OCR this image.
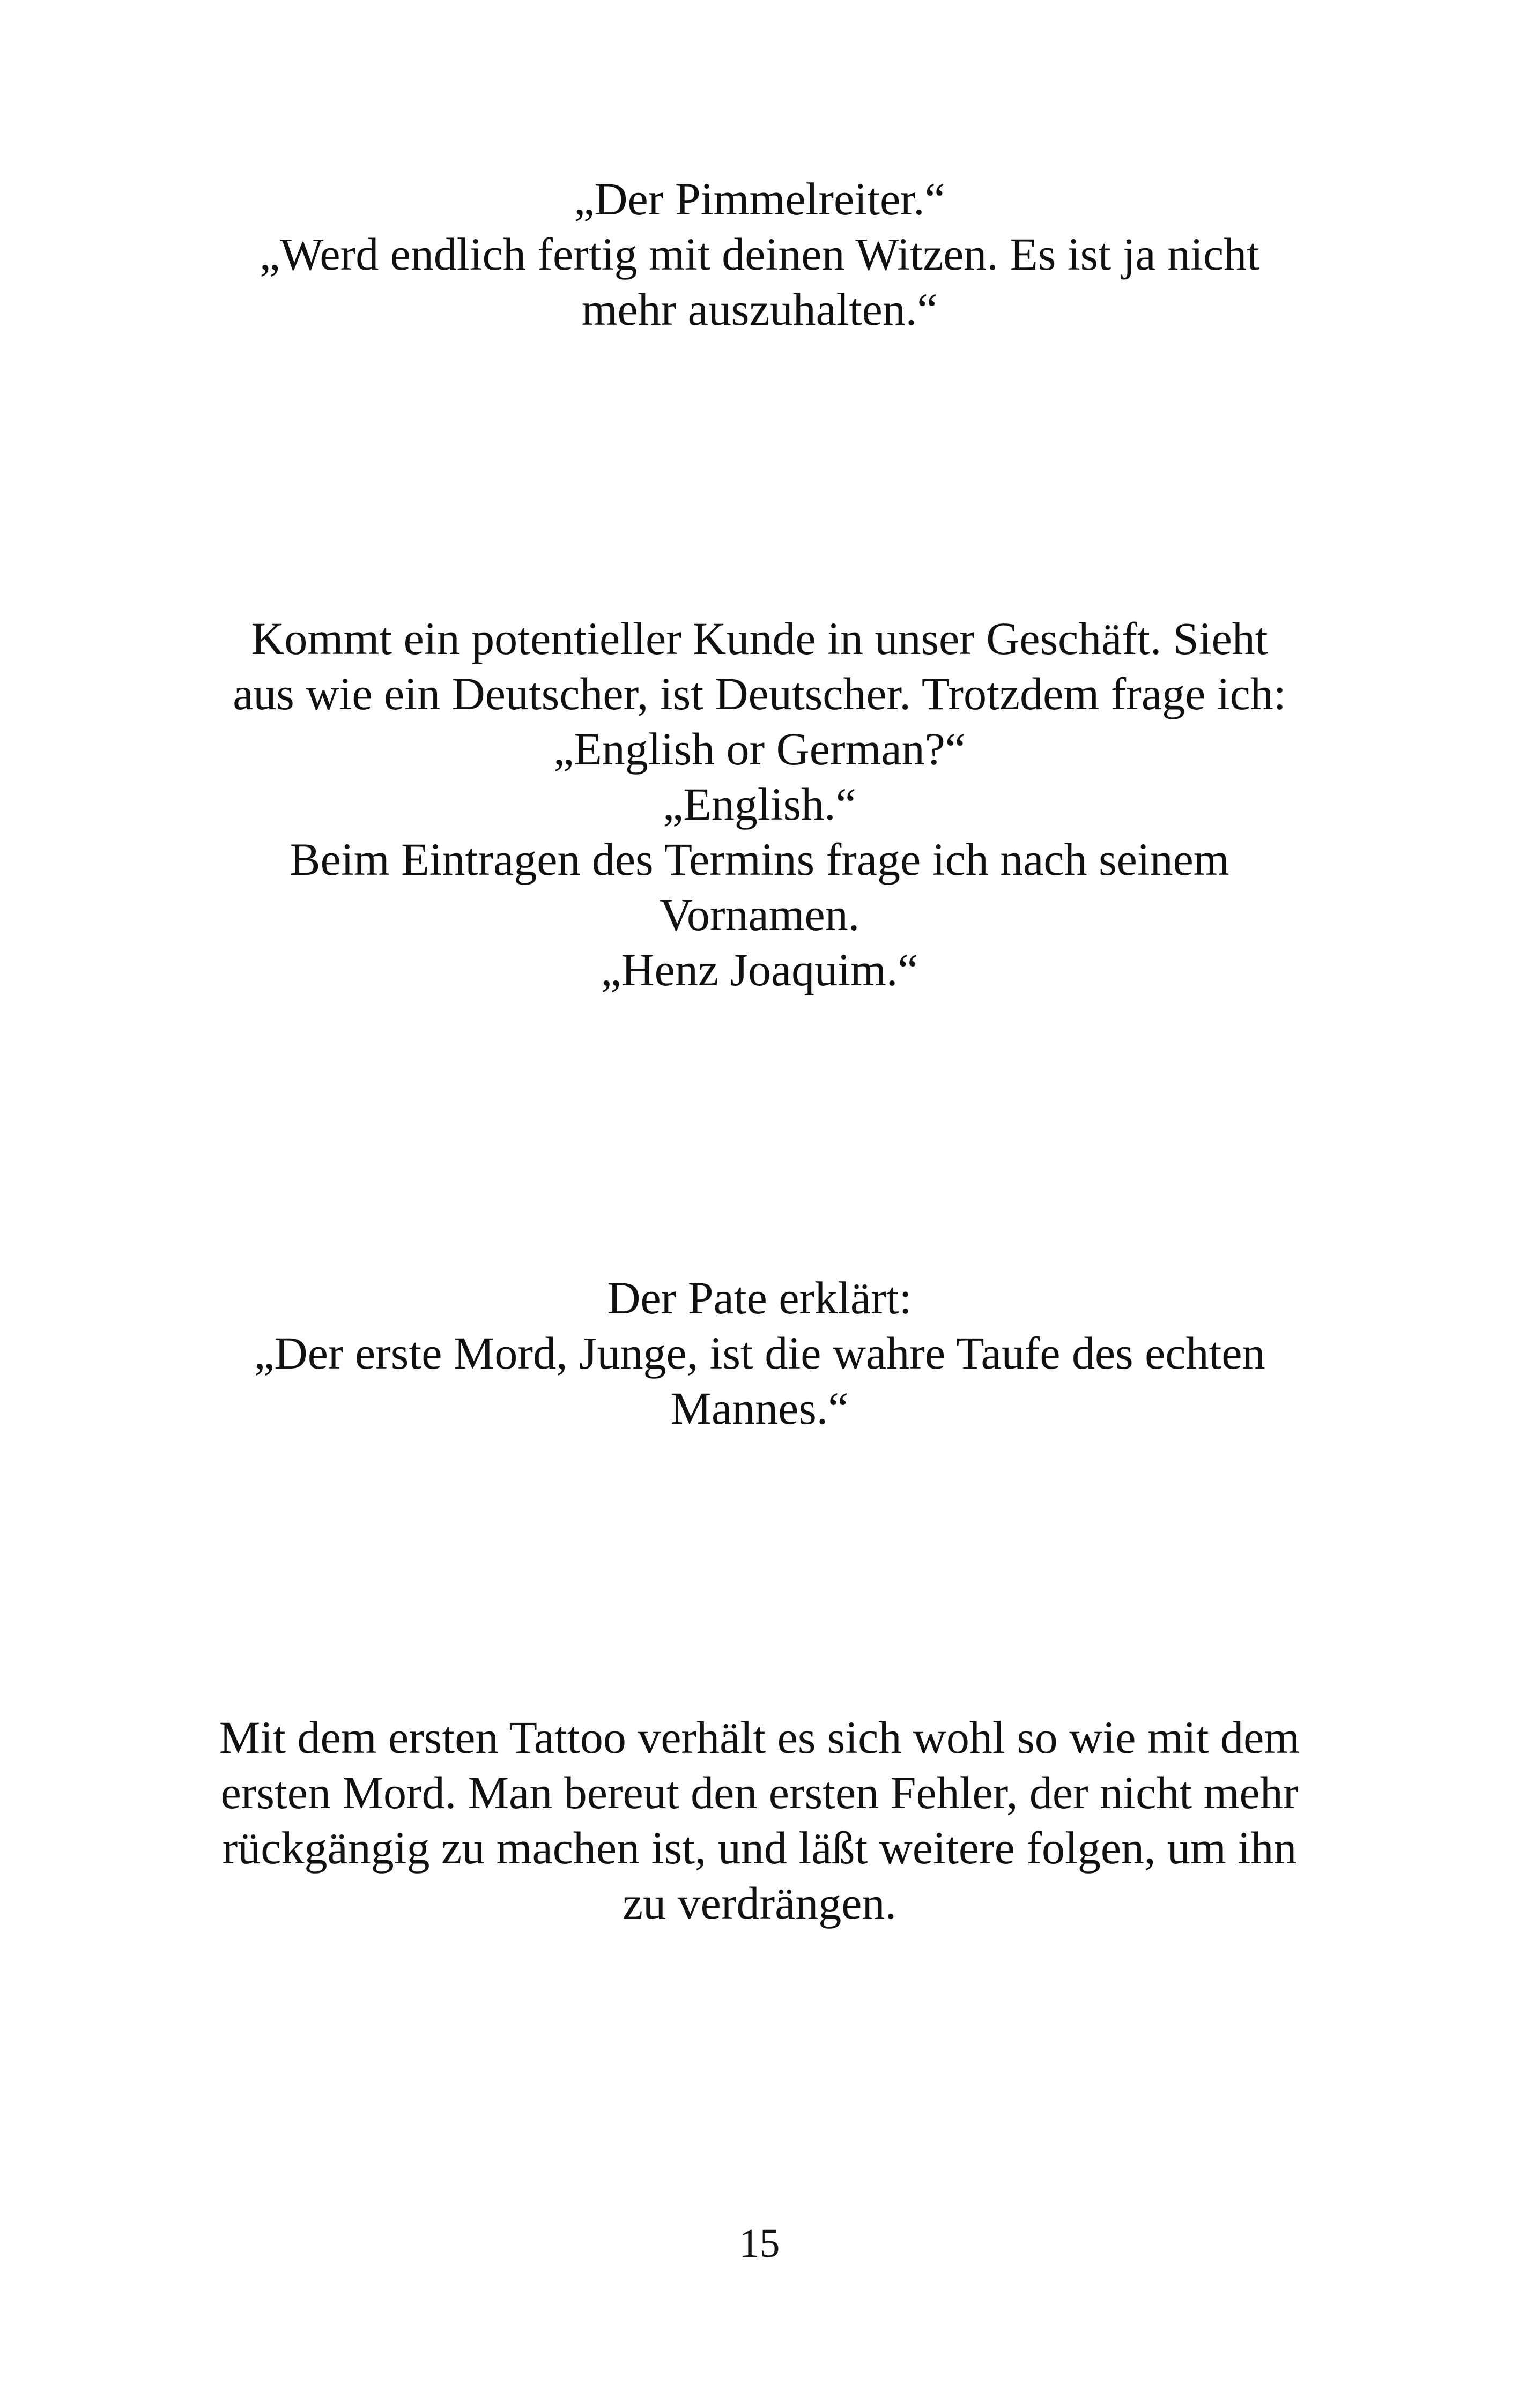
„Der Pimmelreiter.“
„Werd endlich fertig mit deinen Witzen. Es ist ja nicht
mehr auszuhalten.“
Kommt ein potentieller Kunde in unser Geschäft. Sieht
aus wie ein Deutscher, ist Deutscher. Trotzdem frage ich:
„English or German?“
„English.“
Beim Eintragen des Termins frage ich nach seinem
Vornamen.
„Henz Joaquim.“
Der Pate erklärt:
„Der erste Mord, Junge, ist die wahre Taufe des echten
Mannes.“
Mit dem ersten Tattoo verhält es sich wohl so wie mit dem
ersten Mord. Man bereut den ersten Fehler, der nicht mehr
rückgängig zu machen ist, und läßt weitere folgen, um ihn
zu verdrängen.
15
